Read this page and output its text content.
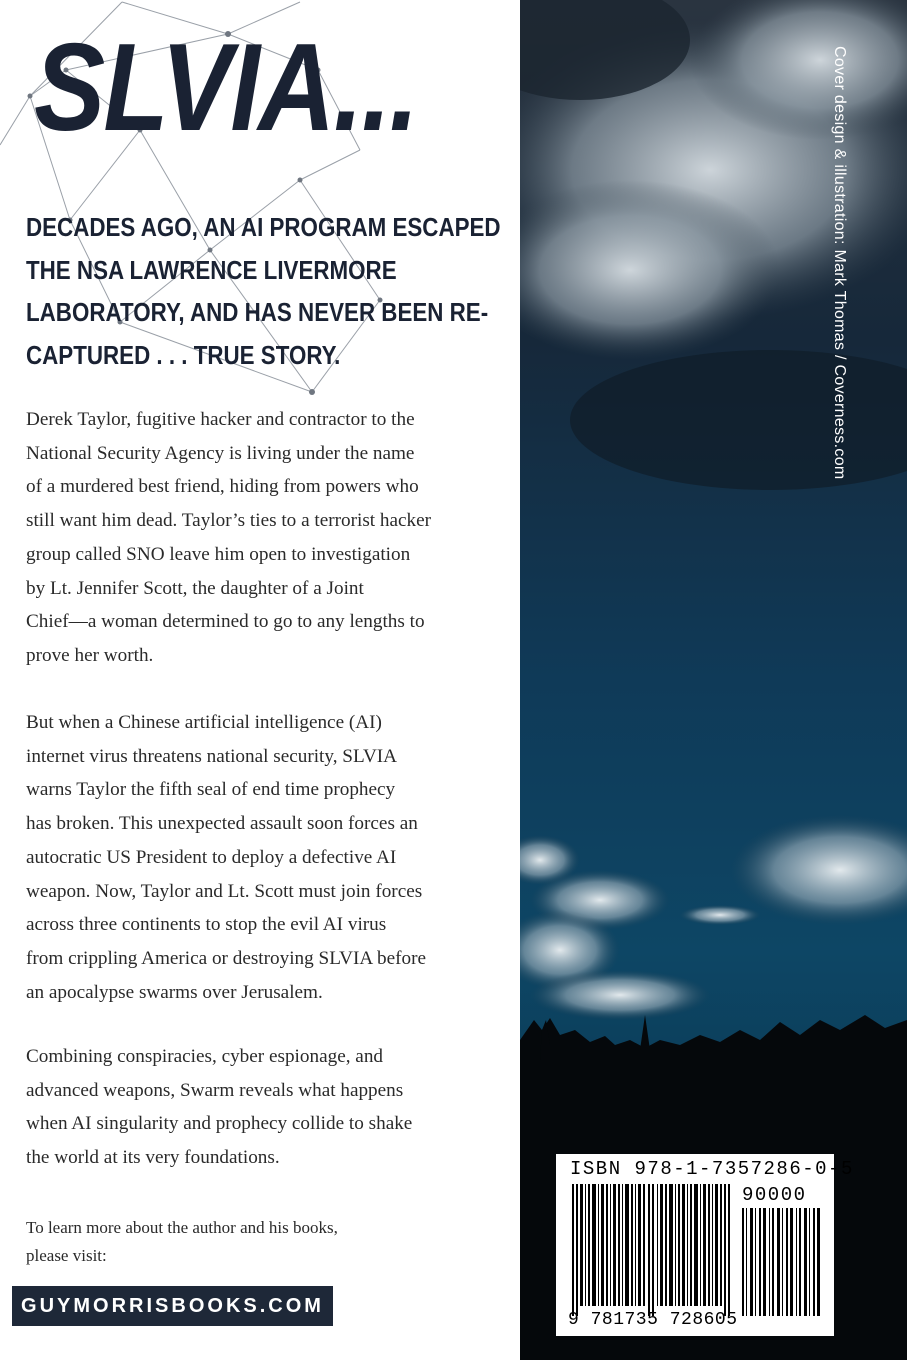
SLVIA...

DECADES AGO, AN AI PROGRAM ESCAPED
THE NSA LAWRENCE LIVERMORE
LABORATORY, AND HAS NEVER BEEN RE-
CAPTURED . . . TRUE STORY.

Derek Taylor, fugitive hacker and contractor to the
National Security Agency is living under the name
of a murdered best friend, hiding from powers who
still want him dead. Taylor’s ties to a terrorist hacker
group called SNO leave him open to investigation
by Lt. Jennifer Scott, the daughter of a Joint
Chief—a woman determined to go to any lengths to
prove her worth.

But when a Chinese artificial intelligence (AI)
internet virus threatens national security, SLVIA
warns Taylor the fifth seal of end time prophecy
has broken. This unexpected assault soon forces an
autocratic US President to deploy a defective AI
weapon. Now, Taylor and Lt. Scott must join forces
across three continents to stop the evil AI virus
from crippling America or destroying SLVIA before
an apocalypse swarms over Jerusalem.

Combining conspiracies, cyber espionage, and
advanced weapons, Swarm reveals what happens
when AI singularity and prophecy collide to shake
the world at its very foundations.

To learn more about the author and his books,
please visit:

GUYMORRISBOOKS.COM
Cover design & illustration: Mark Thomas / Coverness.com

ISBN 978-1-7357286-0-5

90000

9 781735 728605
